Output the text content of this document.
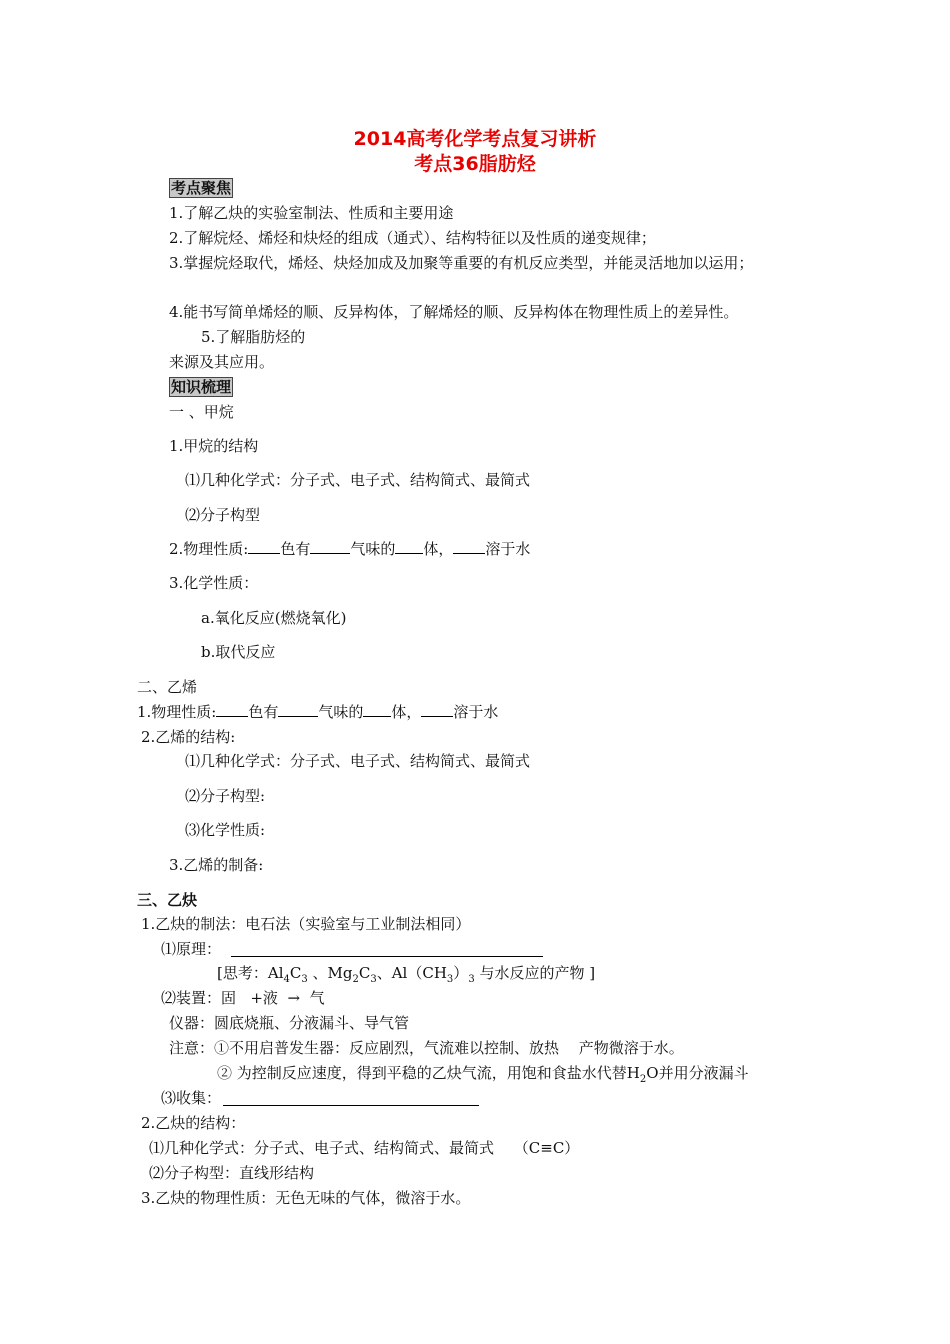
2014高考化学考点复习讲析
考点36脂肪烃
考点聚焦
1.了解乙炔的实验室制法、性质和主要用途
2.了解烷烃、烯烃和炔烃的组成（通式）、结构特征以及性质的递变规律；
3.掌握烷烃取代，烯烃、炔烃加成及加聚等重要的有机反应类型，并能灵活地加以运用；
4.能书写简单烯烃的顺、反异构体，了解烯烃的顺、反异构体在物理性质上的差异性。
5.了解脂肪烃的
来源及其应用。
知识梳理
一 、甲烷
1.甲烷的结构
⑴几种化学式：分子式、电子式、结构简式、最简式
⑵分子构型
2.物理性质: 色有	气味的 体， 溶于水
3.化学性质：
a.氧化反应(燃烧氧化)
b.取代反应
二、乙烯
1.物理性质: 色有	气味的 体， 溶于水
2.乙烯的结构:
⑴几种化学式：分子式、电子式、结构简式、最简式
⑵分子构型:
⑶化学性质:
3.乙烯的制备:
三、乙炔
1.乙炔的制法：电石法（实验室与工业制法相同）
⑴原理：
[思考：$Al_4C_3$ 、$Mg_2C_3$、$Al(CH_3)_3$ 与水反应的产物 ]
⑵装置：固 +液 → 气
仪器：圆底烧瓶、分液漏斗、导气管
注意：①不用启普发生器：反应剧烈，气流难以控制、放热　 产物微溶于水。
② 为控制反应速度，得到平稳的乙炔气流，用饱和食盐水代替$H_2O$并用分液漏斗
⑶收集：
2.乙炔的结构：
⑴几种化学式：分子式、电子式、结构简式、最简式　 （C≡C）
⑵分子构型：直线形结构
3.乙炔的物理性质：无色无味的气体，微溶于水。
